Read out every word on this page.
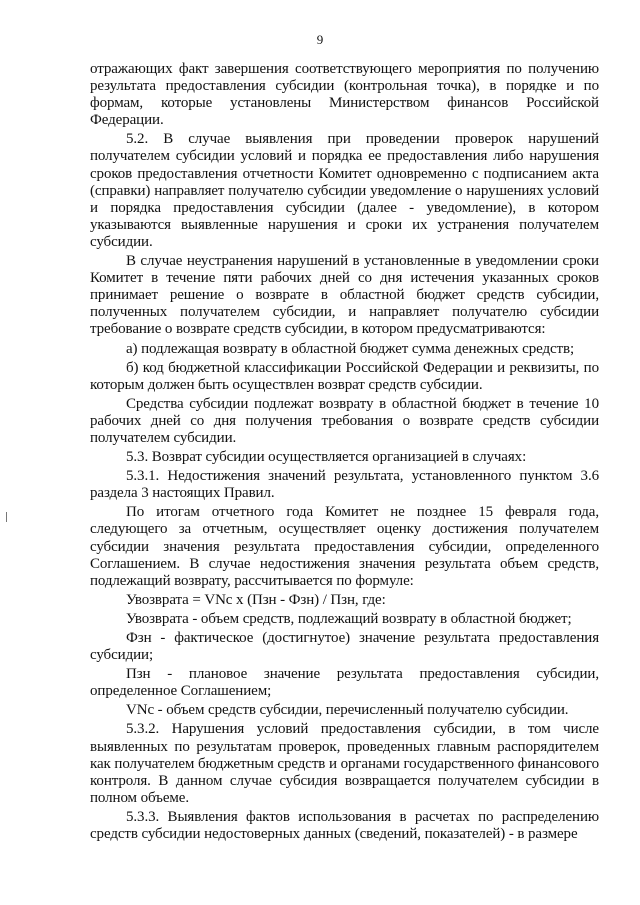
9

отражающих факт завершения соответствующего мероприятия по получению результата предоставления субсидии (контрольная точка), в порядке и по формам, которые установлены Министерством финансов Российской Федерации.

5.2. В случае выявления при проведении проверок нарушений получателем субсидии условий и порядка ее предоставления либо нарушения сроков предоставления отчетности Комитет одновременно с подписанием акта (справки) направляет получателю субсидии уведомление о нарушениях условий и порядка предоставления субсидии (далее - уведомление), в котором указываются выявленные нарушения и сроки их устранения получателем субсидии.

В случае неустранения нарушений в установленные в уведомлении сроки Комитет в течение пяти рабочих дней со дня истечения указанных сроков принимает решение о возврате в областной бюджет средств субсидии, полученных получателем субсидии, и направляет получателю субсидии требование о возврате средств субсидии, в котором предусматриваются:

а) подлежащая возврату в областной бюджет сумма денежных средств;

б) код бюджетной классификации Российской Федерации и реквизиты, по которым должен быть осуществлен возврат средств субсидии.

Средства субсидии подлежат возврату в областной бюджет в течение 10 рабочих дней со дня получения требования о возврате средств субсидии получателем субсидии.

5.3. Возврат субсидии осуществляется организацией в случаях:

5.3.1. Недостижения значений результата, установленного пунктом 3.6 раздела 3 настоящих Правил.

По итогам отчетного года Комитет не позднее 15 февраля года, следующего за отчетным, осуществляет оценку достижения получателем субсидии значения результата предоставления субсидии, определенного Соглашением. В случае недостижения значения результата объем средств, подлежащий возврату, рассчитывается по формуле:

Увозврата = VNc x (Пзн - Фзн) / Пзн, где:

Увозврата - объем средств, подлежащий возврату в областной бюджет;

Фзн - фактическое (достигнутое) значение результата предоставления субсидии;

Пзн - плановое значение результата предоставления субсидии, определенное Соглашением;

VNc - объем средств субсидии, перечисленный получателю субсидии.

5.3.2. Нарушения условий предоставления субсидии, в том числе выявленных по результатам проверок, проведенных главным распорядителем как получателем бюджетным средств и органами государственного финансового контроля. В данном случае субсидия возвращается получателем субсидии в полном объеме.

5.3.3. Выявления фактов использования в расчетах по распределению средств субсидии недостоверных данных (сведений, показателей) - в размере
